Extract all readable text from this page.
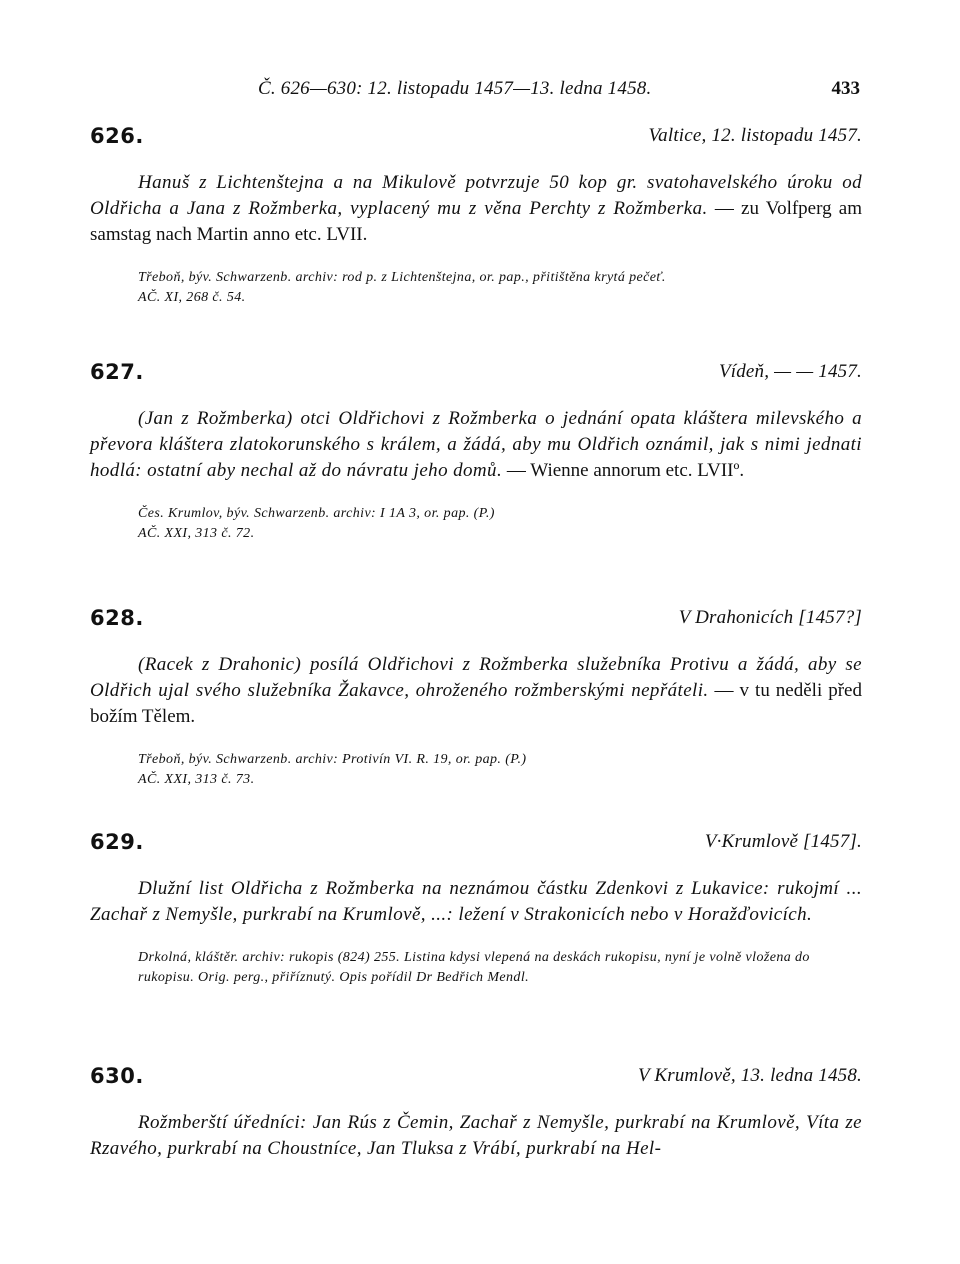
Č. 626—630: 12. listopadu 1457—13. ledna 1458.	433
626.	Valtice, 12. listopadu 1457.

Hanuš z Lichtenštejna a na Mikulově potvrzuje 50 kop gr. svatohavelského úroku od Oldřicha a Jana z Rožmberka, vyplacený mu z věna Perchty z Rožmberka. — zu Volfperg am samstag nach Martin anno etc. LVII.

Třeboň, býv. Schwarzenb. archiv: rod p. z Lichtenštejna, or. pap., přitištěna krytá pečeť.
AČ. XI, 268 č. 54.
627.	Vídeň, — — 1457.

(Jan z Rožmberka) otci Oldřichovi z Rožmberka o jednání opata kláštera milevského a převora kláštera zlatokorunského s králem, a žádá, aby mu Oldřich oznámil, jak s nimi jednati hodlá: ostatní aby nechal až do návratu jeho domů. — Wienne annorum etc. LVIIº.

Čes. Krumlov, býv. Schwarzenb. archiv: I 1A 3, or. pap. (P.)
AČ. XXI, 313 č. 72.
628.	V Drahonicích [1457?]

(Racek z Drahonic) posílá Oldřichovi z Rožmberka služebníka Protivu a žádá, aby se Oldřich ujal svého služebníka Žakavce, ohroženého rožmberskými nepřáteli. — v tu neděli před božím Tělem.

Třeboň, býv. Schwarzenb. archiv: Protivín VI. R. 19, or. pap. (P.)
AČ. XXI, 313 č. 73.
629.	V·Krumlově [1457].

Dlužní list Oldřicha z Rožmberka na neznámou částku Zdenkovi z Lukavice: rukojmí ... Zachař z Nemyšle, purkrabí na Krumlově, ...: ležení v Strakonicích nebo v Horažďovicích.

Drkolná, kláštěr. archiv: rukopis (824) 255. Listina kdysi vlepená na deskách rukopisu, nyní je volně vložena do rukopisu. Orig. perg., přiříznutý. Opis pořídil Dr Bedřich Mendl.
630.	V Krumlově, 13. ledna 1458.

Rožmberští úředníci: Jan Rús z Čemin, Zachař z Nemyšle, purkrabí na Krumlově, Víta ze Rzavého, purkrabí na Choustníce, Jan Tluksa z Vrábí, purkrabí na Hel-
